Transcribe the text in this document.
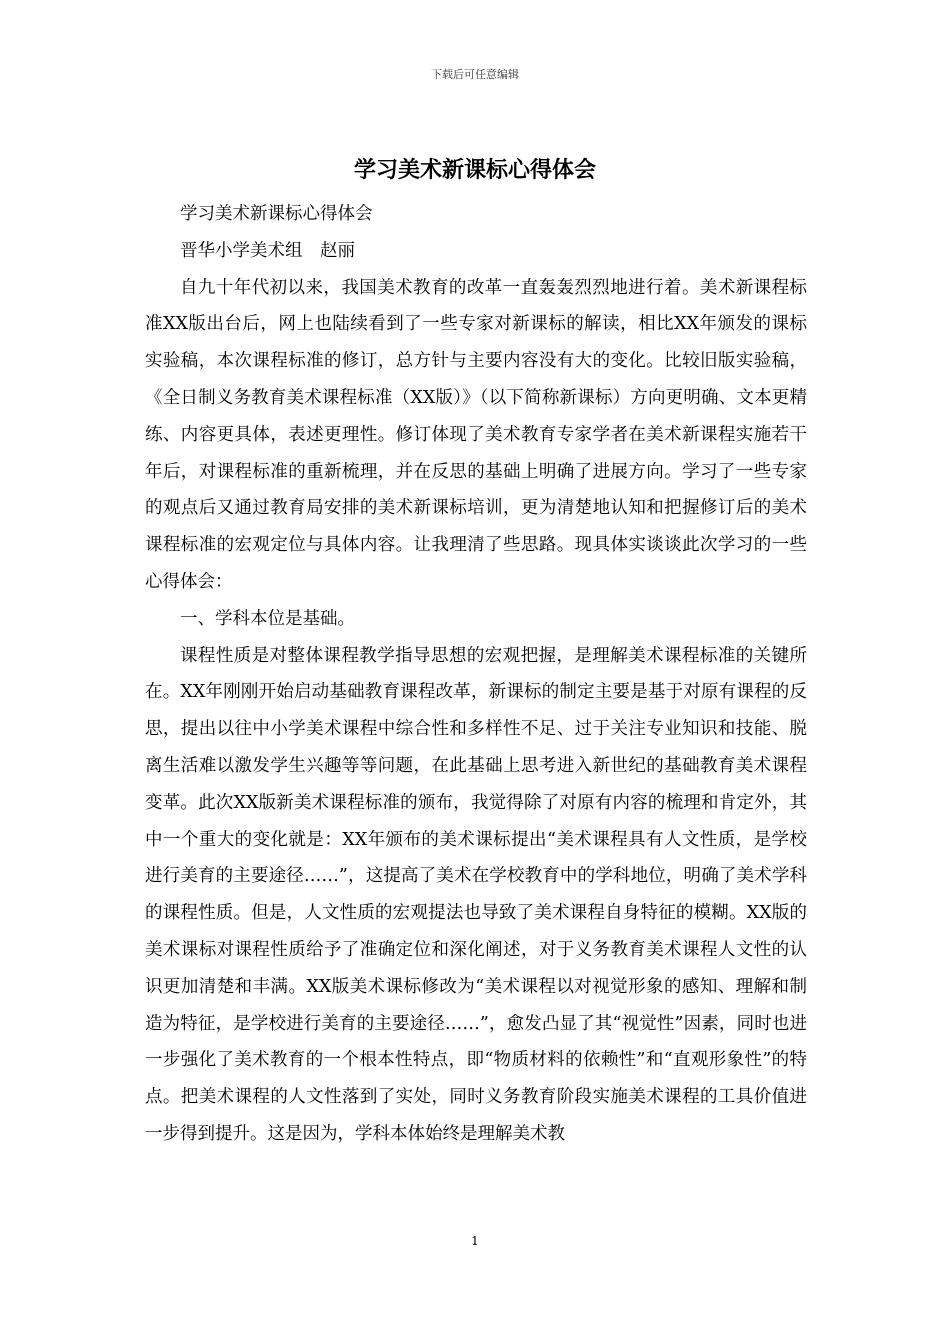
下载后可任意编辑
学习美术新课标心得体会

学习美术新课标心得体会

晋华小学美术组　赵丽

自九十年代初以来，我国美术教育的改革一直轰轰烈烈地进行着。美术新课程标准XX版出台后，网上也陆续看到了一些专家对新课标的解读，相比XX年颁发的课标实验稿，本次课程标准的修订，总方针与主要内容没有大的变化。比较旧版实验稿，《全日制义务教育美术课程标准（XX版）》（以下简称新课标）方向更明确、文本更精练、内容更具体，表述更理性。修订体现了美术教育专家学者在美术新课程实施若干年后，对课程标准的重新梳理，并在反思的基础上明确了进展方向。学习了一些专家的观点后又通过教育局安排的美术新课标培训，更为清楚地认知和把握修订后的美术课程标准的宏观定位与具体内容。让我理清了些思路。现具体实谈谈此次学习的一些心得体会：

一、学科本位是基础。

课程性质是对整体课程教学指导思想的宏观把握，是理解美术课程标准的关键所在。XX年刚刚开始启动基础教育课程改革，新课标的制定主要是基于对原有课程的反思，提出以往中小学美术课程中综合性和多样性不足、过于关注专业知识和技能、脱离生活难以激发学生兴趣等等问题，在此基础上思考进入新世纪的基础教育美术课程变革。此次XX版新美术课程标准的颁布，我觉得除了对原有内容的梳理和肯定外，其中一个重大的变化就是：XX年颁布的美术课标提出“美术课程具有人文性质，是学校进行美育的主要途径……”，这提高了美术在学校教育中的学科地位，明确了美术学科的课程性质。但是，人文性质的宏观提法也导致了美术课程自身特征的模糊。XX版的美术课标对课程性质给予了准确定位和深化阐述，对于义务教育美术课程人文性的认识更加清楚和丰满。XX版美术课标修改为“美术课程以对视觉形象的感知、理解和制造为特征，是学校进行美育的主要途径……”，愈发凸显了其“视觉性”因素，同时也进一步强化了美术教育的一个根本性特点，即“物质材料的依赖性”和“直观形象性”的特点。把美术课程的人文性落到了实处，同时义务教育阶段实施美术课程的工具价值进一步得到提升。这是因为，学科本体始终是理解美术教

1
